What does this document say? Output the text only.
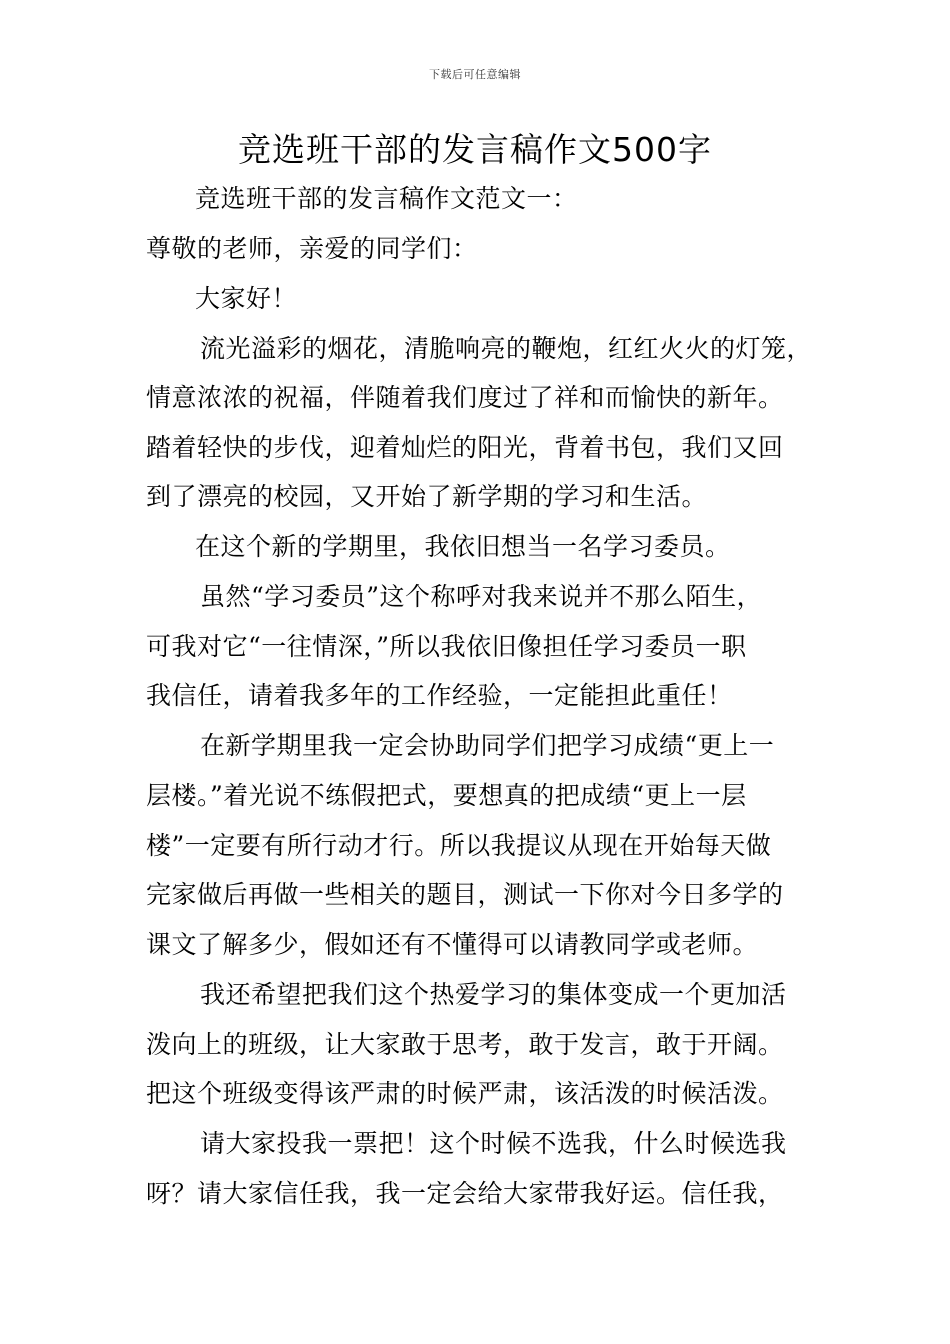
下载后可任意编辑
竞选班干部的发言稿作文500字
竞选班干部的发言稿作文范文一：
尊敬的老师，亲爱的同学们：
大家好！
流光溢彩的烟花，清脆响亮的鞭炮，红红火火的灯笼，
情意浓浓的祝福，伴随着我们度过了祥和而愉快的新年。
踏着轻快的步伐，迎着灿烂的阳光，背着书包，我们又回
到了漂亮的校园，又开始了新学期的学习和生活。
在这个新的学期里，我依旧想当一名学习委员。
虽然“学习委员”这个称呼对我来说并不那么陌生，
可我对它“一往情深，”所以我依旧像担任学习委员一职
我信任，请着我多年的工作经验，一定能担此重任！
在新学期里我一定会协助同学们把学习成绩“更上一
层楼。”着光说不练假把式，要想真的把成绩“更上一层
楼”一定要有所行动才行。所以我提议从现在开始每天做
完家做后再做一些相关的题目，测试一下你对今日多学的
课文了解多少，假如还有不懂得可以请教同学或老师。
我还希望把我们这个热爱学习的集体变成一个更加活
泼向上的班级，让大家敢于思考，敢于发言，敢于开阔。
把这个班级变得该严肃的时候严肃，该活泼的时候活泼。
请大家投我一票把！这个时候不选我，什么时候选我
呀？请大家信任我，我一定会给大家带我好运。信任我，
